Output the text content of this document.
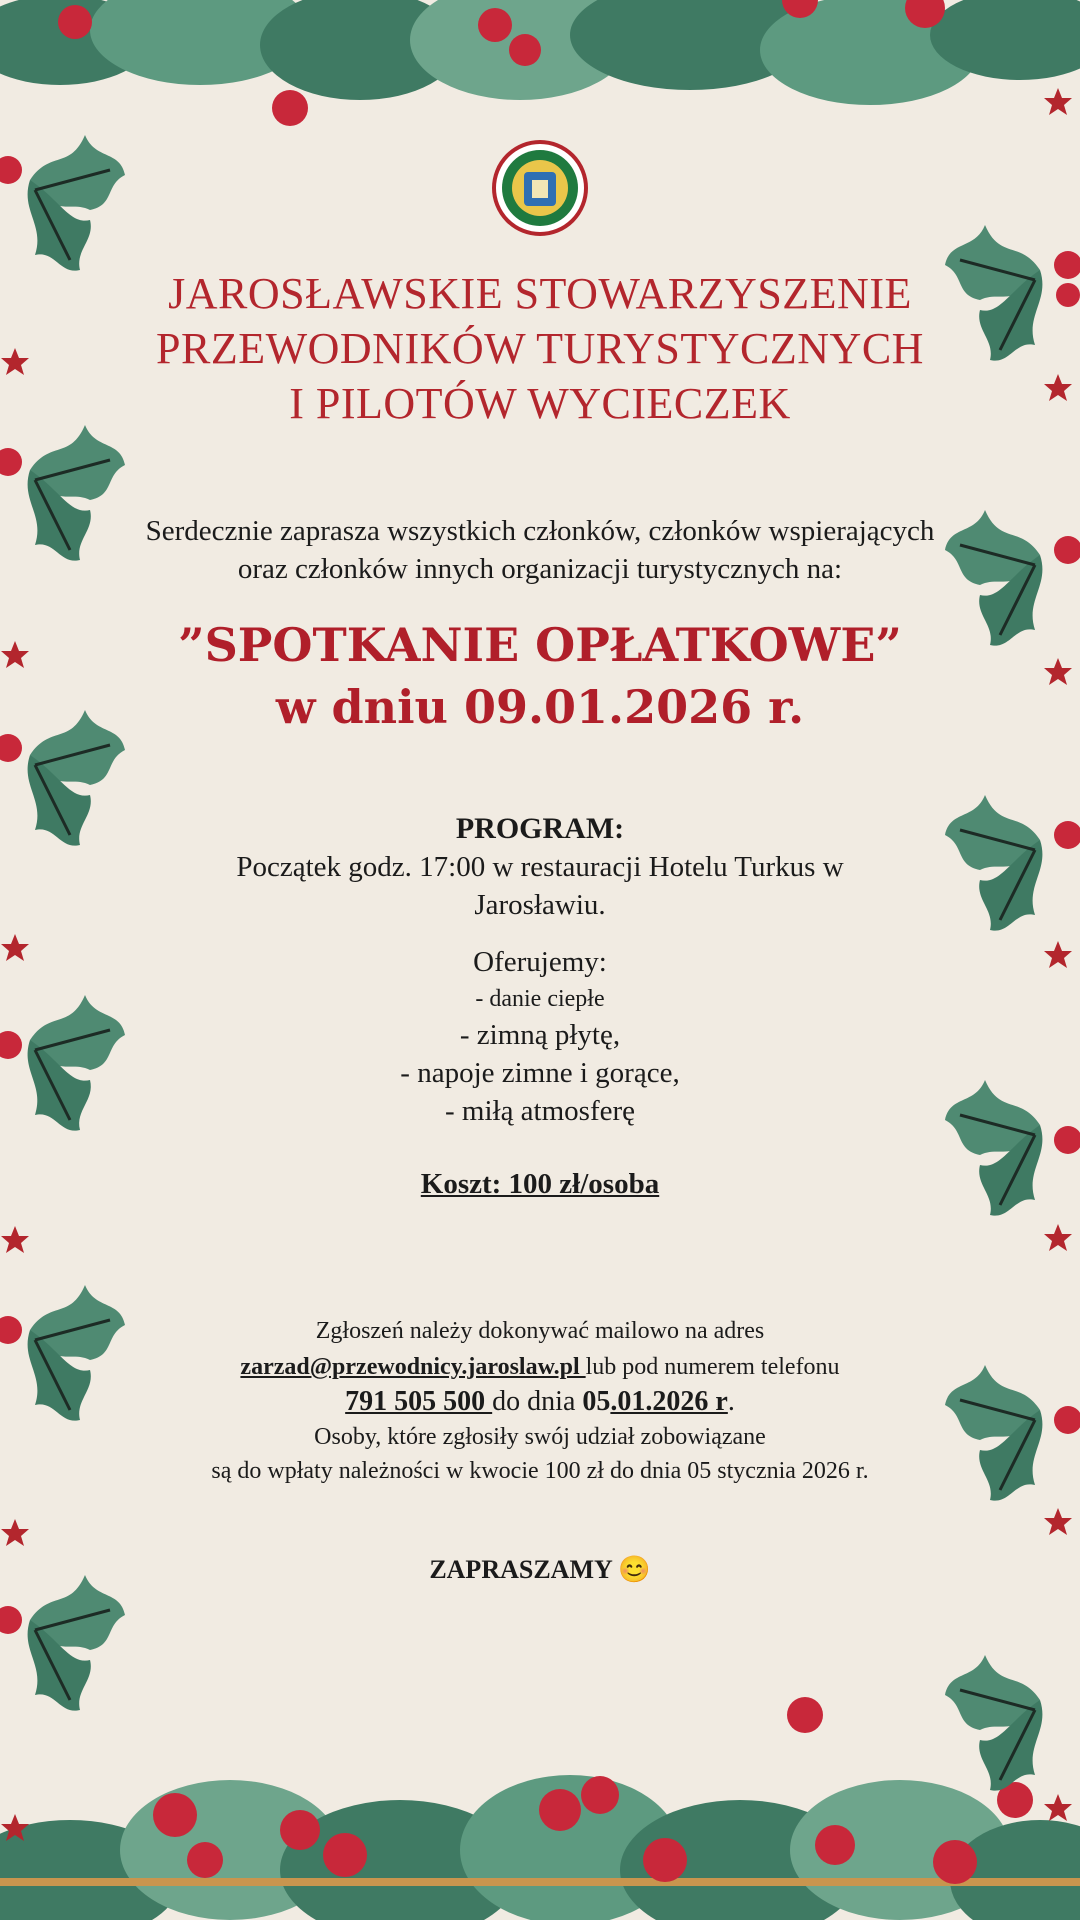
JAROSŁAWSKIE STOWARZYSZENIE
PRZEWODNIKÓW TURYSTYCZNYCH
I PILOTÓW WYCIECZEK
Serdecznie zaprasza wszystkich członków, członków wspierających
oraz członków innych organizacji turystycznych na:
”SPOTKANIE OPŁATKOWE”
w dniu 09.01.2026 r.
PROGRAM:
Początek godz. 17:00 w restauracji Hotelu Turkus w
Jarosławiu.
Oferujemy:
- danie ciepłe
- zimną płytę,
- napoje zimne i gorące,
- miłą atmosferę
Koszt: 100 zł/osoba
Zgłoszeń należy dokonywać mailowo na adres
zarzad@przewodnicy.jaroslaw.pl lub pod numerem telefonu
791 505 500 do dnia 05.01.2026 r.
Osoby, które zgłosiły swój udział zobowiązane
są do wpłaty należności w kwocie 100 zł do dnia 05 stycznia 2026 r.
ZAPRASZAMY 😊
